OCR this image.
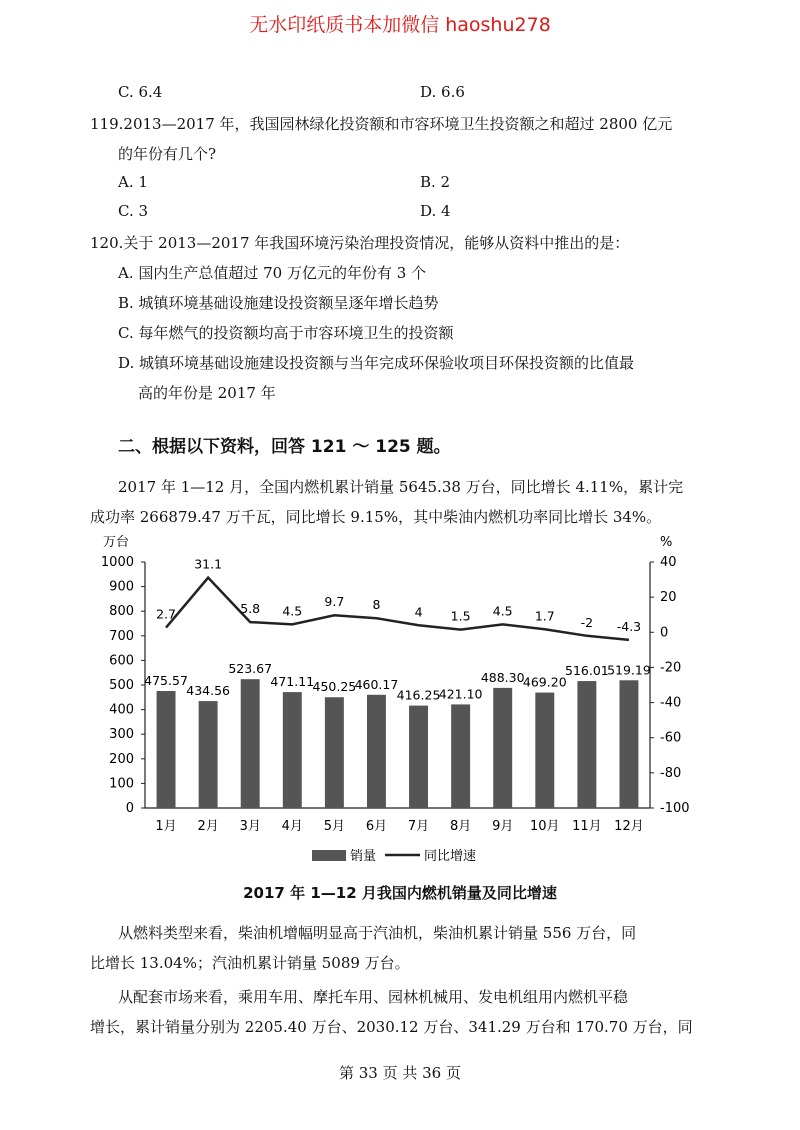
无水印纸质书本加微信 haoshu278
C. 6.4	D. 6.6
119.2013—2017 年，我国园林绿化投资额和市容环境卫生投资额之和超过 2800 亿元
的年份有几个?
A. 1	B. 2
C. 3	D. 4
120.关于 2013—2017 年我国环境污染治理投资情况，能够从资料中推出的是：
A. 国内生产总值超过 70 万亿元的年份有 3 个
B. 城镇环境基础设施建设投资额呈逐年增长趋势
C. 每年燃气的投资额均高于市容环境卫生的投资额
D. 城镇环境基础设施建设投资额与当年完成环保验收项目环保投资额的比值最
高的年份是 2017 年
二、根据以下资料，回答 121 ～ 125 题。
2017 年 1—12 月，全国内燃机累计销量 5645.38 万台，同比增长 4.11%，累计完
成功率 266879.47 万千瓦，同比增长 9.15%，其中柴油内燃机功率同比增长 34%。
万台	%
0
100
200
300
400
500
600
700
800
900
1000
-100
-80
-60
-40
-20
0
20
40
475.57
434.56
523.67
471.11
450.25
460.17
416.25
421.10
488.30
469.20
516.01
519.19
2.7
31.1
5.8 4.5
9.7 8	4 1.5 4.5 1.7 -2 -4.3
1月 2月 3月 4月 5月 6月 7月 8月 9月 10月 11月 12月
销量	同比增速
2017 年 1—12 月我国内燃机销量及同比增速
从燃料类型来看，柴油机增幅明显高于汽油机，柴油机累计销量 556 万台，同
比增长 13.04%；汽油机累计销量 5089 万台。
从配套市场来看，乘用车用、摩托车用、园林机械用、发电机组用内燃机平稳
增长，累计销量分别为 2205.40 万台、2030.12 万台、341.29 万台和 170.70 万台，同
第 33 页 共 36 页
